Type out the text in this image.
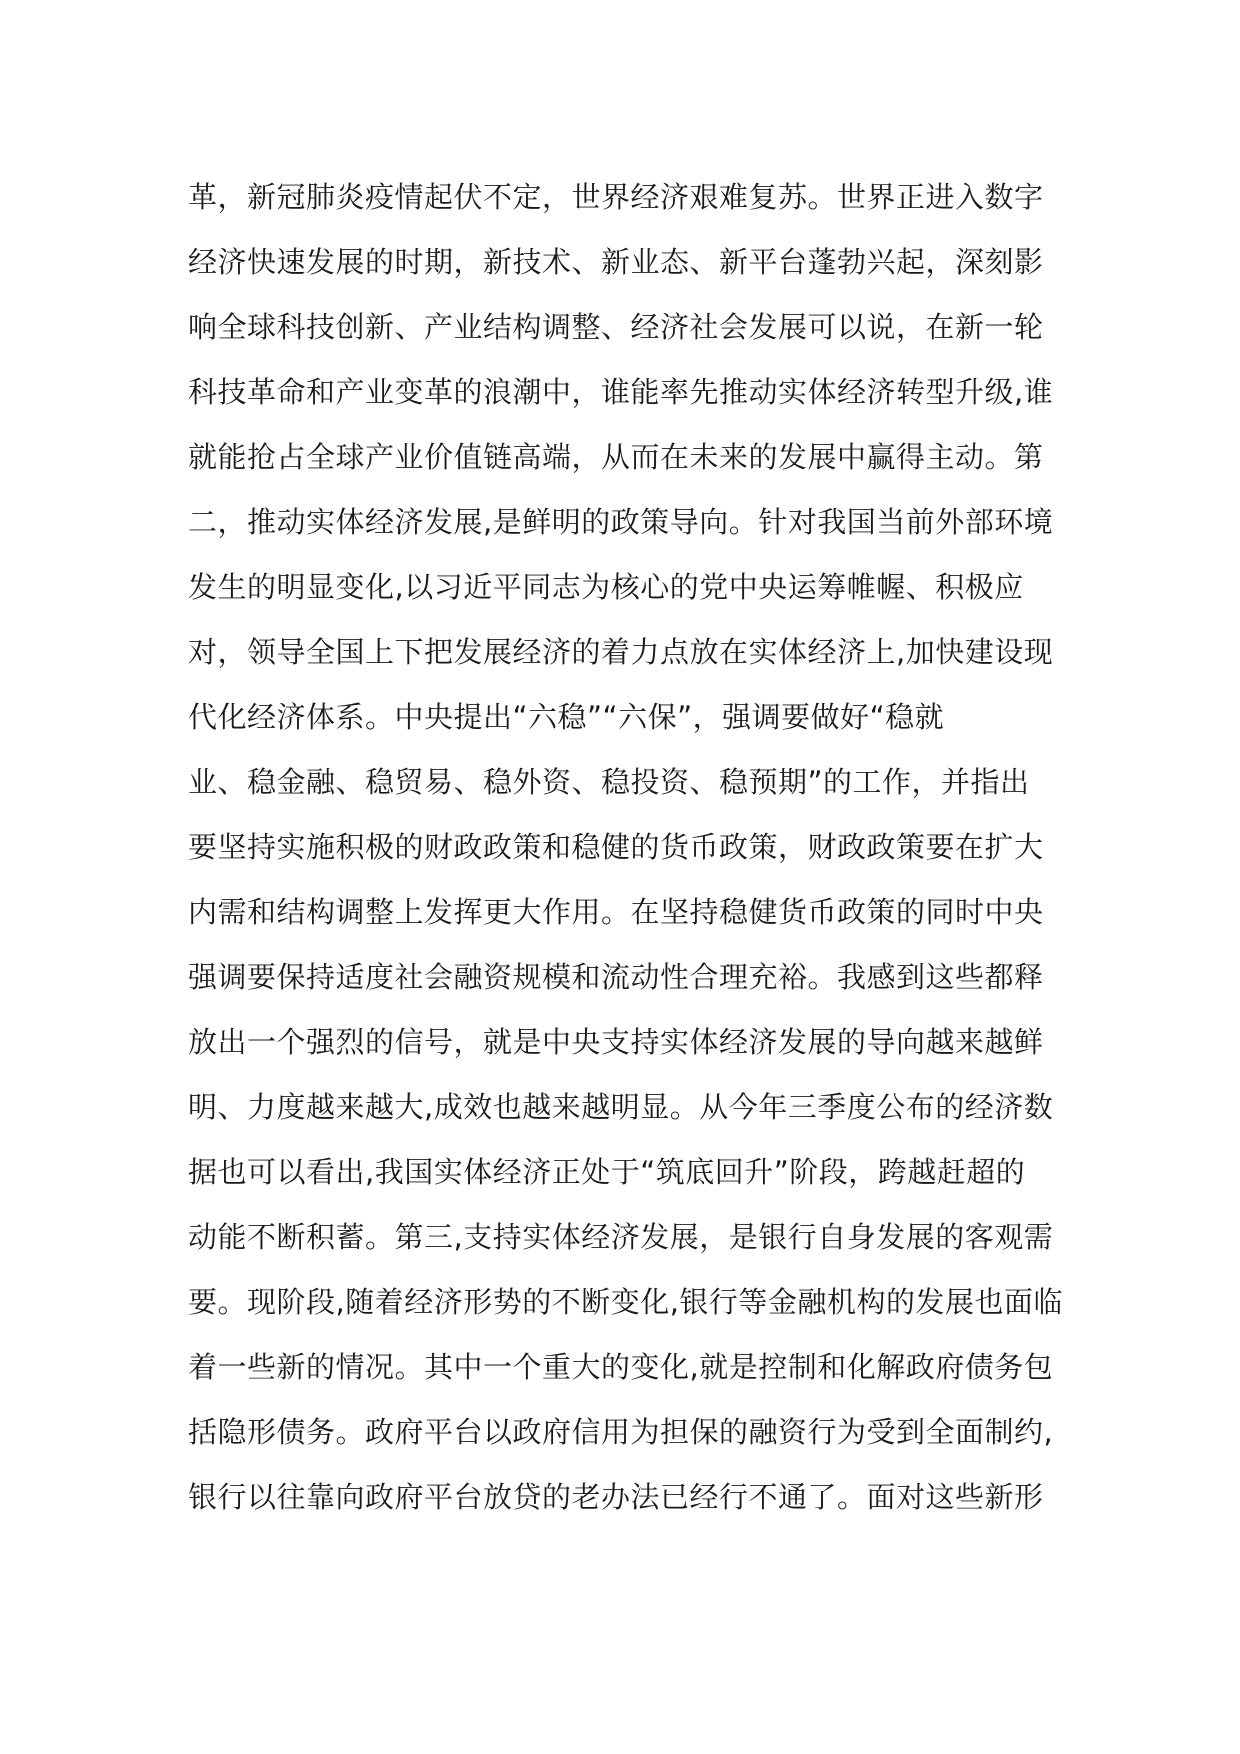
革，新冠肺炎疫情起伏不定，世界经济艰难复苏。世界正进入数字
经济快速发展的时期，新技术、新业态、新平台蓬勃兴起，深刻影
响全球科技创新、产业结构调整、经济社会发展可以说，在新一轮
科技革命和产业变革的浪潮中，谁能率先推动实体经济转型升级,谁
就能抢占全球产业价值链高端，从而在未来的发展中赢得主动。第
二，推动实体经济发展,是鲜明的政策导向。针对我国当前外部环境
发生的明显变化,以习近平同志为核心的党中央运筹帷幄、积极应
对，领导全国上下把发展经济的着力点放在实体经济上,加快建设现
代化经济体系。中央提出“六稳”“六保”，强调要做好“稳就
业、稳金融、稳贸易、稳外资、稳投资、稳预期”的工作，并指出
要坚持实施积极的财政政策和稳健的货币政策，财政政策要在扩大
内需和结构调整上发挥更大作用。在坚持稳健货币政策的同时中央
强调要保持适度社会融资规模和流动性合理充裕。我感到这些都释
放出一个强烈的信号，就是中央支持实体经济发展的导向越来越鲜
明、力度越来越大,成效也越来越明显。从今年三季度公布的经济数
据也可以看出,我国实体经济正处于“筑底回升”阶段，跨越赶超的
动能不断积蓄。第三,支持实体经济发展，是银行自身发展的客观需
要。现阶段,随着经济形势的不断变化,银行等金融机构的发展也面临
着一些新的情况。其中一个重大的变化,就是控制和化解政府债务包
括隐形债务。政府平台以政府信用为担保的融资行为受到全面制约,
银行以往靠向政府平台放贷的老办法已经行不通了。面对这些新形
